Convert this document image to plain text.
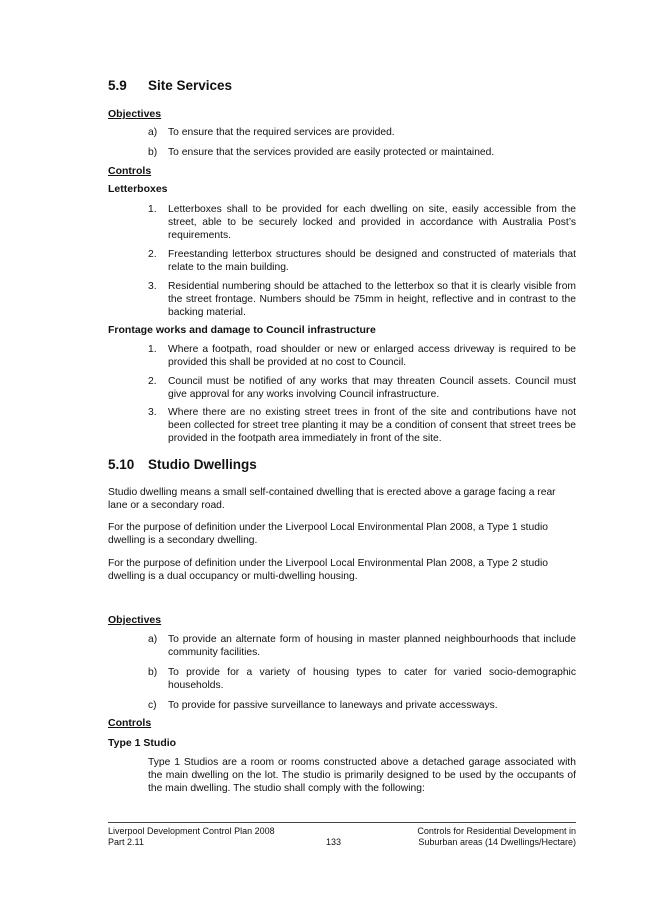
5.9 Site Services
Objectives
a)	To ensure that the required services are provided.
b)	To ensure that the services provided are easily protected or maintained.
Controls
Letterboxes
1.	Letterboxes shall to be provided for each dwelling on site, easily accessible from the street, able to be securely locked and provided in accordance with Australia Post’s requirements.
2.	Freestanding letterbox structures should be designed and constructed of materials that relate to the main building.
3.	Residential numbering should be attached to the letterbox so that it is clearly visible from the street frontage. Numbers should be 75mm in height, reflective and in contrast to the backing material.
Frontage works and damage to Council infrastructure
1.	Where a footpath, road shoulder or new or enlarged access driveway is required to be provided this shall be provided at no cost to Council.
2.	Council must be notified of any works that may threaten Council assets. Council must give approval for any works involving Council infrastructure.
3.	Where there are no existing street trees in front of the site and contributions have not been collected for street tree planting it may be a condition of consent that street trees be provided in the footpath area immediately in front of the site.
5.10 Studio Dwellings

Studio dwelling means a small self-contained dwelling that is erected above a garage facing a rear lane or a secondary road.

For the purpose of definition under the Liverpool Local Environmental Plan 2008, a Type 1 studio dwelling is a secondary dwelling.

For the purpose of definition under the Liverpool Local Environmental Plan 2008, a Type 2 studio dwelling is a dual occupancy or multi-dwelling housing.

Objectives
a)	To provide an alternate form of housing in master planned neighbourhoods that include community facilities.
b)	To provide for a variety of housing types to cater for varied socio-demographic households.
c)	To provide for passive surveillance to laneways and private accessways.
Controls
Type 1 Studio

Type 1 Studios are a room or rooms constructed above a detached garage associated with the main dwelling on the lot. The studio is primarily designed to be used by the occupants of the main dwelling. The studio shall comply with the following:

Liverpool Development Control Plan 2008
Part 2.11	133
Controls for Residential Development in
Suburban areas (14 Dwellings/Hectare)
